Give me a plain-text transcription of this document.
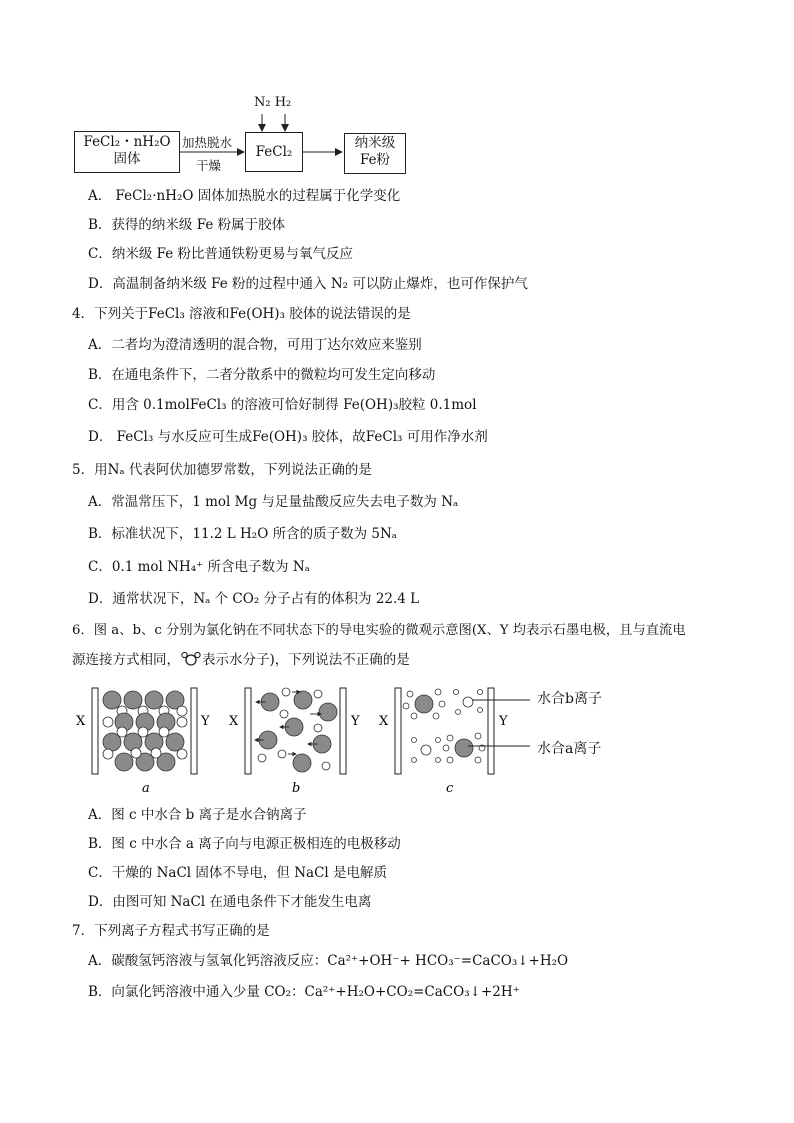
FeCl₂・nH₂O
固体
加热脱水
干燥
FeCl₂
N₂ H₂
纳米级
Fe粉
A． FeCl₂·nH₂O 固体加热脱水的过程属于化学变化
B．获得的纳米级 Fe 粉属于胶体
C．纳米级 Fe 粉比普通铁粉更易与氧气反应
D．高温制备纳米级 Fe 粉的过程中通入 N₂ 可以防止爆炸，也可作保护气
4．下列关于FeCl₃ 溶液和Fe(OH)₃ 胶体的说法错误的是
A．二者均为澄清透明的混合物，可用丁达尔效应来鉴别
B．在通电条件下，二者分散系中的微粒均可发生定向移动
C．用含 0.1molFeCl₃ 的溶液可恰好制得 Fe(OH)₃胶粒 0.1mol
D． FeCl₃ 与水反应可生成Fe(OH)₃ 胶体，故FeCl₃ 可用作净水剂
5．用Nₐ 代表阿伏加德罗常数，下列说法正确的是
A．常温常压下，1 mol Mg 与足量盐酸反应失去电子数为 Nₐ
B．标准状况下，11.2 L H₂O 所含的质子数为 5Nₐ
C．0.1 mol NH₄⁺ 所含电子数为 Nₐ
D．通常状况下，Nₐ 个 CO₂ 分子占有的体积为 22.4 L
6．图 a、b、c 分别为氯化钠在不同状态下的导电实验的微观示意图(X、Y 均表示石墨电极，且与直流电
源连接方式相同， 表示水分子)，下列说法不正确的是
X	Y
a
X	Y
b
X	Y
c
水合b离子
水合a离子
A．图 c 中水合 b 离子是水合钠离子
B．图 c 中水合 a 离子向与电源正极相连的电极移动
C．干燥的 NaCl 固体不导电，但 NaCl 是电解质
D．由图可知 NaCl 在通电条件下才能发生电离
7．下列离子方程式书写正确的是
A．碳酸氢钙溶液与氢氧化钙溶液反应：Ca²⁺+OH⁻+ HCO₃⁻=CaCO₃↓+H₂O
B．向氯化钙溶液中通入少量 CO₂：Ca²⁺+H₂O+CO₂=CaCO₃↓+2H⁺
